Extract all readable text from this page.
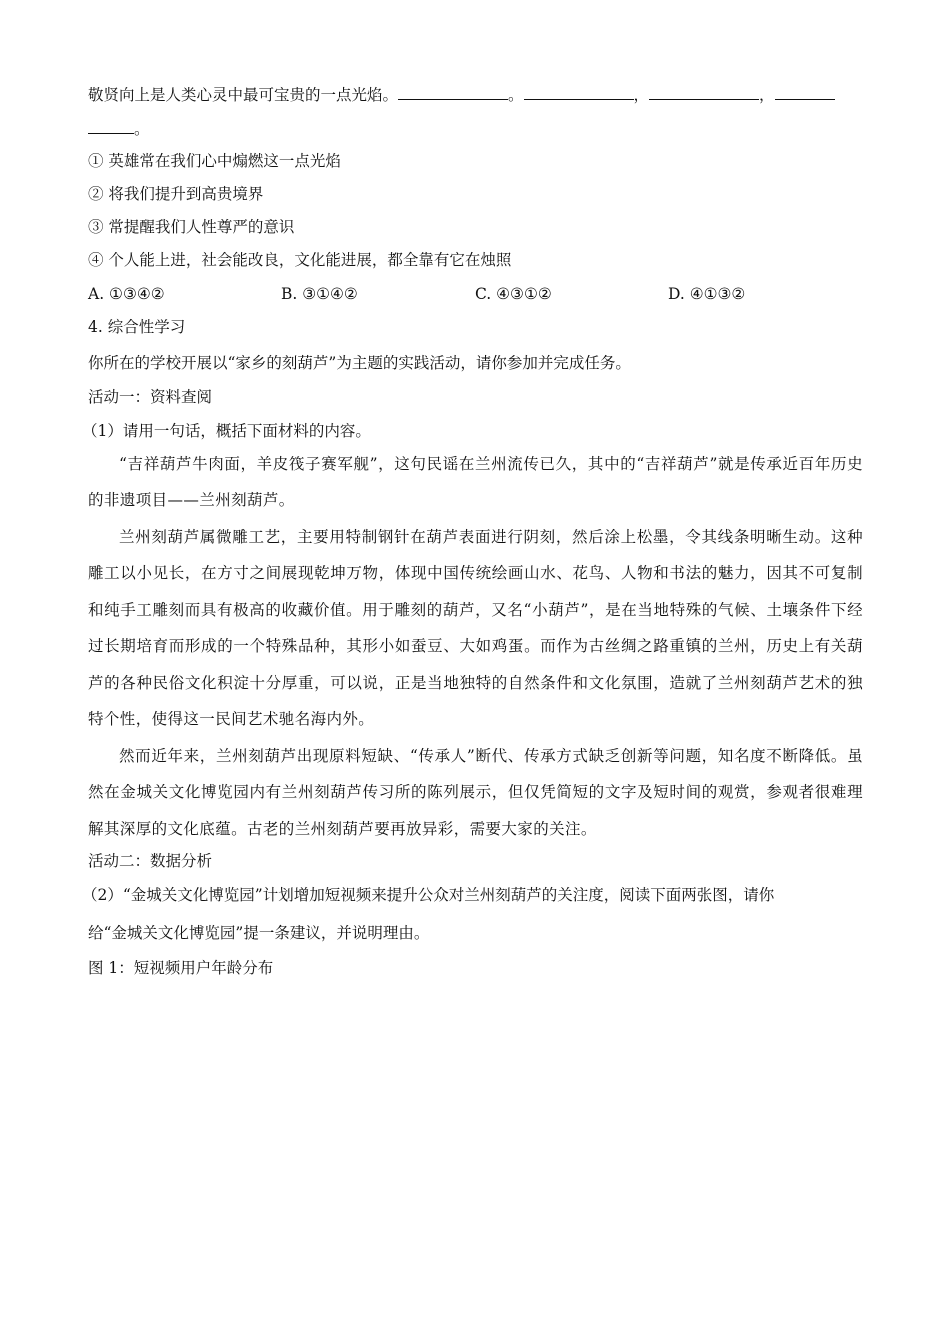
敬贤向上是人类心灵中最可宝贵的一点光焰。	。	，	，
。
① 英雄常在我们心中煽燃这一点光焰
② 将我们提升到高贵境界
③ 常提醒我们人性尊严的意识
④ 个人能上进，社会能改良，文化能进展，都全靠有它在烛照
A. ①③④②	B. ③①④②	C. ④③①②	D. ④①③②
4. 综合性学习
你所在的学校开展以“家乡的刻葫芦”为主题的实践活动，请你参加并完成任务。
活动一：资料查阅
（1）请用一句话，概括下面材料的内容。

“吉祥葫芦牛肉面，羊皮筏子赛军舰”，这句民谣在兰州流传已久，其中的“吉祥葫芦”就是传承近百年历史的非遗项目——兰州刻葫芦。

兰州刻葫芦属微雕工艺，主要用特制钢针在葫芦表面进行阴刻，然后涂上松墨，令其线条明晰生动。这种雕工以小见长，在方寸之间展现乾坤万物，体现中国传统绘画山水、花鸟、人物和书法的魅力，因其不可复制和纯手工雕刻而具有极高的收藏价值。用于雕刻的葫芦，又名“小葫芦”，是在当地特殊的气候、土壤条件下经过长期培育而形成的一个特殊品种，其形小如蚕豆、大如鸡蛋。而作为古丝绸之路重镇的兰州，历史上有关葫芦的各种民俗文化积淀十分厚重，可以说，正是当地独特的自然条件和文化氛围，造就了兰州刻葫芦艺术的独特个性，使得这一民间艺术驰名海内外。

然而近年来，兰州刻葫芦出现原料短缺、“传承人”断代、传承方式缺乏创新等问题，知名度不断降低。虽然在金城关文化博览园内有兰州刻葫芦传习所的陈列展示，但仅凭简短的文字及短时间的观赏，参观者很难理解其深厚的文化底蕴。古老的兰州刻葫芦要再放异彩，需要大家的关注。

活动二：数据分析
（2）“金城关文化博览园”计划增加短视频来提升公众对兰州刻葫芦的关注度，阅读下面两张图，请你
给“金城关文化博览园”提一条建议，并说明理由。
图 1：短视频用户年龄分布
